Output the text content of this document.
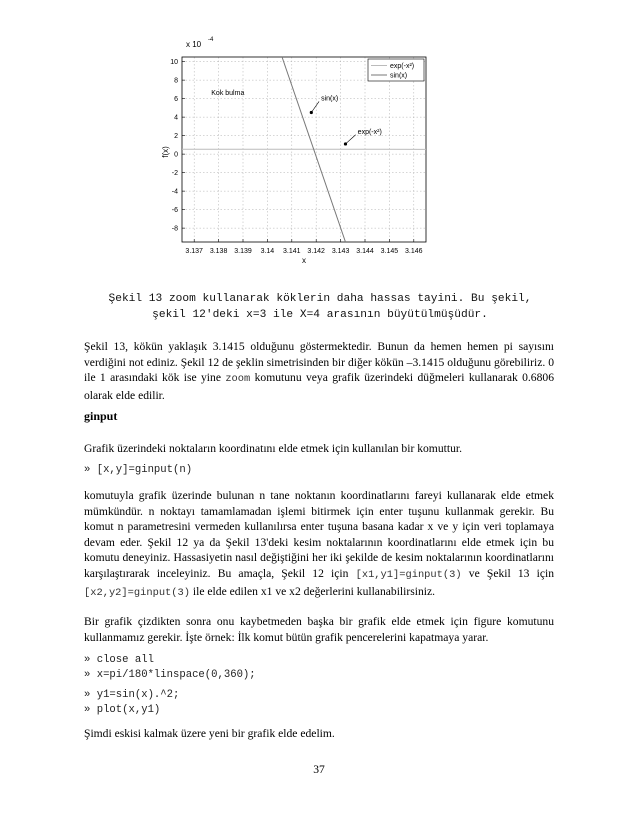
3.137 3.138 3.139 3.14 3.141 3.142 3.143 3.144 3.145 3.146
10
8
6
4
2
0
-2
-4
-6
-8
x 10 -4
f(x)
x
exp(-x²)
sin(x)
Kok bulma
sin(x)
exp(-x²)
Şekil 13 zoom kullanarak köklerin daha hassas tayini. Bu şekil,
şekil 12'deki x=3 ile X=4 arasının büyütülmüşüdür.
Şekil 13, kökün yaklaşık 3.1415 olduğunu göstermektedir. Bunun da hemen hemen pi sayısını verdiğini not ediniz. Şekil 12 de şeklin simetrisinden bir diğer kökün –3.1415 olduğunu görebiliriz. 0 ile 1 arasındaki kök ise yine zoom komutunu veya grafik üzerindeki düğmeleri kullanarak 0.6806 olarak elde edilir.
ginput
Grafik üzerindeki noktaların koordinatını elde etmek için kullanılan bir komuttur.
» [x,y]=ginput(n)
komutuyla grafik üzerinde bulunan n tane noktanın koordinatlarını fareyi kullanarak elde etmek mümkündür. n noktayı tamamlamadan işlemi bitirmek için enter tuşunu kullanmak gerekir. Bu komut n parametresini vermeden kullanılırsa enter tuşuna basana kadar x ve y için veri toplamaya devam eder. Şekil 12 ya da Şekil 13'deki kesim noktalarının koordinatlarını elde etmek için bu komutu deneyiniz. Hassasiyetin nasıl değiştiğini her iki şekilde de kesim noktalarının koordinatlarını karşılaştırarak inceleyiniz. Bu amaçla, Şekil 12 için [x1,y1]=ginput(3) ve Şekil 13 için [x2,y2]=ginput(3) ile elde edilen x1 ve x2 değerlerini kullanabilirsiniz.
Bir grafik çizdikten sonra onu kaybetmeden başka bir grafik elde etmek için figure komutunu kullanmamız gerekir. İşte örnek: İlk komut bütün grafik pencerelerini kapatmaya yarar.
» close all
» x=pi/180*linspace(0,360);
» y1=sin(x).^2;
» plot(x,y1)
Şimdi eskisi kalmak üzere yeni bir grafik elde edelim.
37
